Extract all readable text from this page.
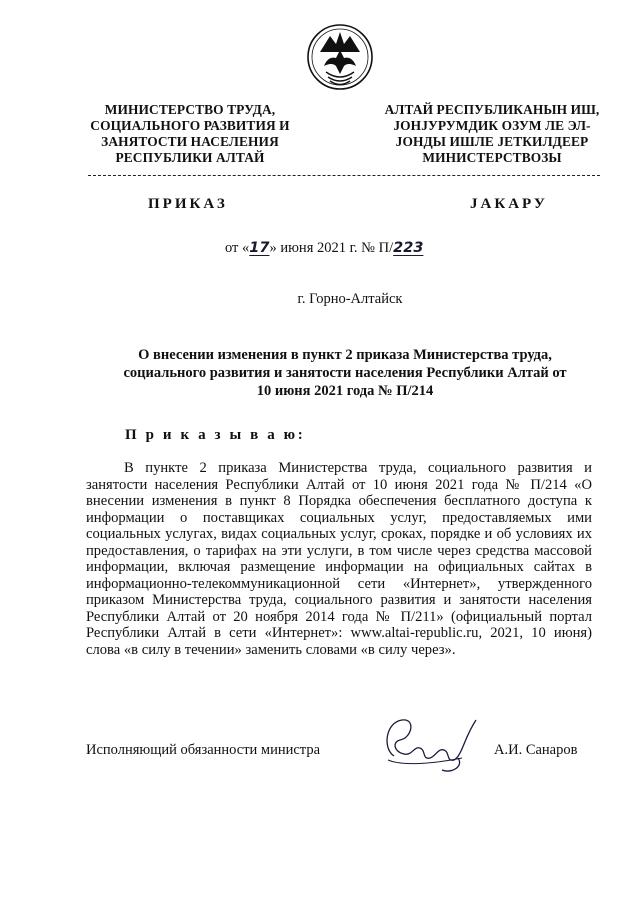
МИНИСТЕРСТВО ТРУДА, СОЦИАЛЬНОГО РАЗВИТИЯ И ЗАНЯТОСТИ НАСЕЛЕНИЯ РЕСПУБЛИКИ АЛТАЙ
АЛТАЙ РЕСПУБЛИКАНЫН ИШ, ЈОНЈУРУМДИК ОЗУМ ЛЕ ЭЛ-ЈОНДЫ ИШЛЕ ЈЕТКИЛДЕЕР МИНИСТЕРСТВОЗЫ
ПРИКАЗ	ЈАКАРУ
от «17» июня 2021 г. № П/223
г. Горно-Алтайск
О внесении изменения в пункт 2 приказа Министерства труда, социального развития и занятости населения Республики Алтай от 10 июня 2021 года № П/214
П р и к а з ы в а ю:
В пункте 2 приказа Министерства труда, социального развития и занятости населения Республики Алтай от 10 июня 2021 года № П/214 «О внесении изменения в пункт 8 Порядка обеспечения бесплатного доступа к информации о поставщиках социальных услуг, предоставляемых ими социальных услугах, видах социальных услуг, сроках, порядке и об условиях их предоставления, о тарифах на эти услуги, в том числе через средства массовой информации, включая размещение информации на официальных сайтах в информационно-телекоммуникационной сети «Интернет», утвержденного приказом Министерства труда, социального развития и занятости населения Республики Алтай от 20 ноября 2014 года № П/211» (официальный портал Республики Алтай в сети «Интернет»: www.altai-republic.ru, 2021, 10 июня) слова «в силу в течении» заменить словами «в силу через».
Исполняющий обязанности министра	А.И. Санаров
